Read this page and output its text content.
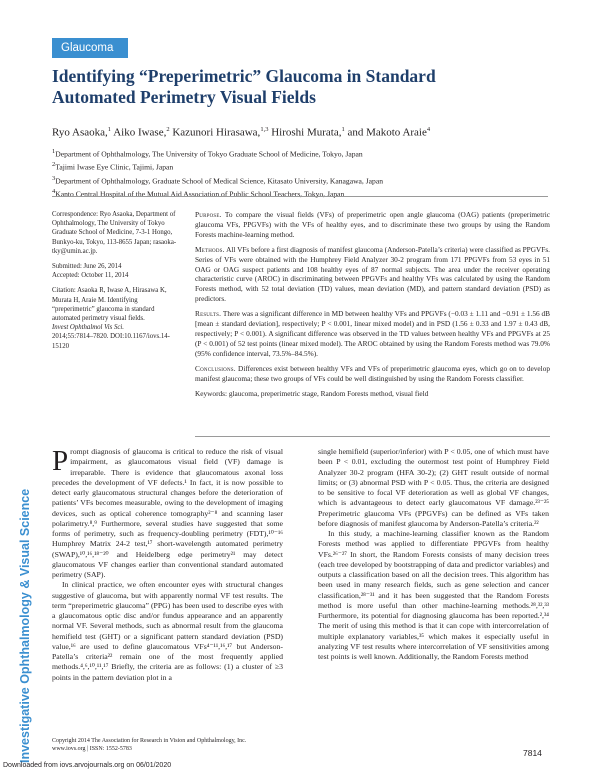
Glaucoma
Identifying “Preperimetric” Glaucoma in Standard Automated Perimetry Visual Fields
Ryo Asaoka,$^1$ Aiko Iwase,$^2$ Kazunori Hirasawa,$^{1,3}$ Hiroshi Murata,$^1$ and Makoto Araie$^4$
$^1$Department of Ophthalmology, The University of Tokyo Graduate School of Medicine, Tokyo, Japan
$^2$Tajimi Iwase Eye Clinic, Tajimi, Japan
$^3$Department of Ophthalmology, Graduate School of Medical Science, Kitasato University, Kanagawa, Japan
$^4$Kanto Central Hospital of the Mutual Aid Association of Public School Teachers, Tokyo, Japan

Correspondence: Ryo Asaoka, Department of Ophthalmology, The University of Tokyo Graduate School of Medicine, 7-3-1 Hongo, Bunkyo-ku, Tokyo, 113-8655 Japan; rasaoka-tky@umin.ac.jp.

Submitted: June 26, 2014

Accepted: October 11, 2014

Citation: Asaoka R, Iwase A, Hirasawa K, Murata H, Araie M. Identifying “preperimetric” glaucoma in standard automated perimetry visual fields.

Invest Ophthalmol Vis Sci.

2014;55:7814–7820. DOI:10.1167/iovs.14-15120

Purpose. To compare the visual fields (VFs) of preperimetric open angle glaucoma (OAG) patients (preperimetric glaucoma VFs, PPGVFs) with the VFs of healthy eyes, and to discriminate these two groups by using the Random Forests machine-learning method.

Methods. All VFs before a first diagnosis of manifest glaucoma (Anderson-Patella’s criteria) were classified as PPGVFs. Series of VFs were obtained with the Humphrey Field Analyzer 30-2 program from 171 PPGVFs from 53 eyes in 51 OAG or OAG suspect patients and 108 healthy eyes of 87 normal subjects. The area under the receiver operating characteristic curve (AROC) in discriminating between PPGVFs and healthy VFs was calculated by using the Random Forests method, with 52 total deviation (TD) values, mean deviation (MD), and pattern standard deviation (PSD) as predictors.

Results. There was a significant difference in MD between healthy VFs and PPGVFs (−0.03 ± 1.11 and −0.91 ± 1.56 dB [mean ± standard deviation], respectively; P < 0.001, linear mixed model) and in PSD (1.56 ± 0.33 and 1.97 ± 0.43 dB, respectively; P < 0.001). A significant difference was observed in the TD values between healthy VFs and PPGVFs at 25 (P < 0.001) of 52 test points (linear mixed model). The AROC obtained by using the Random Forests method was 79.0% (95% confidence interval, 73.5%–84.5%).

Conclusions. Differences exist between healthy VFs and VFs of preperimetric glaucoma eyes, which go on to develop manifest glaucoma; these two groups of VFs could be well distinguished by using the Random Forests classifier.

Keywords: glaucoma, preperimetric stage, Random Forests method, visual field

Investigative Ophthalmology & Visual Science

Prompt diagnosis of glaucoma is critical to reduce the risk of visual impairment, as glaucomatous visual field (VF) damage is irreparable. There is evidence that glaucomatous axonal loss precedes the development of VF defects.¹ In fact, it is now possible to detect early glaucomatous structural changes before the deterioration of patients’ VFs becomes measurable, owing to the development of imaging devices, such as optical coherence tomography²⁻⁸ and scanning laser polarimetry.⁸,⁹ Furthermore, several studies have suggested that some forms of perimetry, such as frequency-doubling perimetry (FDT),¹⁰⁻¹⁶ Humphrey Matrix 24-2 test,¹⁷ short-wavelength automated perimetry (SWAP),¹⁰,¹⁶,¹⁸⁻²⁰ and Heidelberg edge perimetry²¹ may detect glaucomatous VF changes earlier than conventional standard automated perimetry (SAP).

In clinical practice, we often encounter eyes with structural changes suggestive of glaucoma, but with apparently normal VF test results. The term “preperimetric glaucoma” (PPG) has been used to describe eyes with a glaucomatous optic disc and/or fundus appearance and an apparently normal VF. Several methods, such as abnormal result from the glaucoma hemifield test (GHT) or a significant pattern standard deviation (PSD) value,¹⁶ are used to define glaucomatous VFs⁴⁻¹¹,¹⁶,¹⁷ but Anderson-Patella’s criteria²² remain one of the most frequently applied methods.⁴,⁶,¹⁰,¹¹,¹⁷ Briefly, the criteria are as follows: (1) a cluster of ≥3 points in the pattern deviation plot in a

single hemifield (superior/inferior) with P < 0.05, one of which must have been P < 0.01, excluding the outermost test point of Humphrey Field Analyzer 30-2 program (HFA 30-2); (2) GHT result outside of normal limits; or (3) abnormal PSD with P < 0.05. Thus, the criteria are designed to be sensitive to focal VF deterioration as well as global VF changes, which is advantageous to detect early glaucomatous VF damage.²³⁻²⁵ Preperimetric glaucoma VFs (PPGVFs) can be defined as VFs taken before diagnosis of manifest glaucoma by Anderson-Patella’s criteria.²²

In this study, a machine-learning classifier known as the Random Forests method was applied to differentiate PPGVFs from healthy VFs.²⁶⁻²⁷ In short, the Random Forests consists of many decision trees (each tree developed by bootstrapping of data and predictor variables) and outputs a classification based on all the decision trees. This algorithm has been used in many research fields, such as gene selection and cancer classification,²⁸⁻³¹ and it has been suggested that the Random Forests method is more useful than other machine-learning methods.²⁸,³²,³³ Furthermore, its potential for diagnosing glaucoma has been reported.²,³⁴ The merit of using this method is that it can cope with intercorrelation of multiple explanatory variables,³⁵ which makes it especially useful in analyzing VF test results where intercorrelation of VF sensitivities among test points is well known. Additionally, the Random Forests method

Copyright 2014 The Association for Research in Vision and Ophthalmology, Inc.
www.iovs.org | ISSN: 1552-5783	7814
Downloaded from iovs.arvojournals.org on 06/01/2020
